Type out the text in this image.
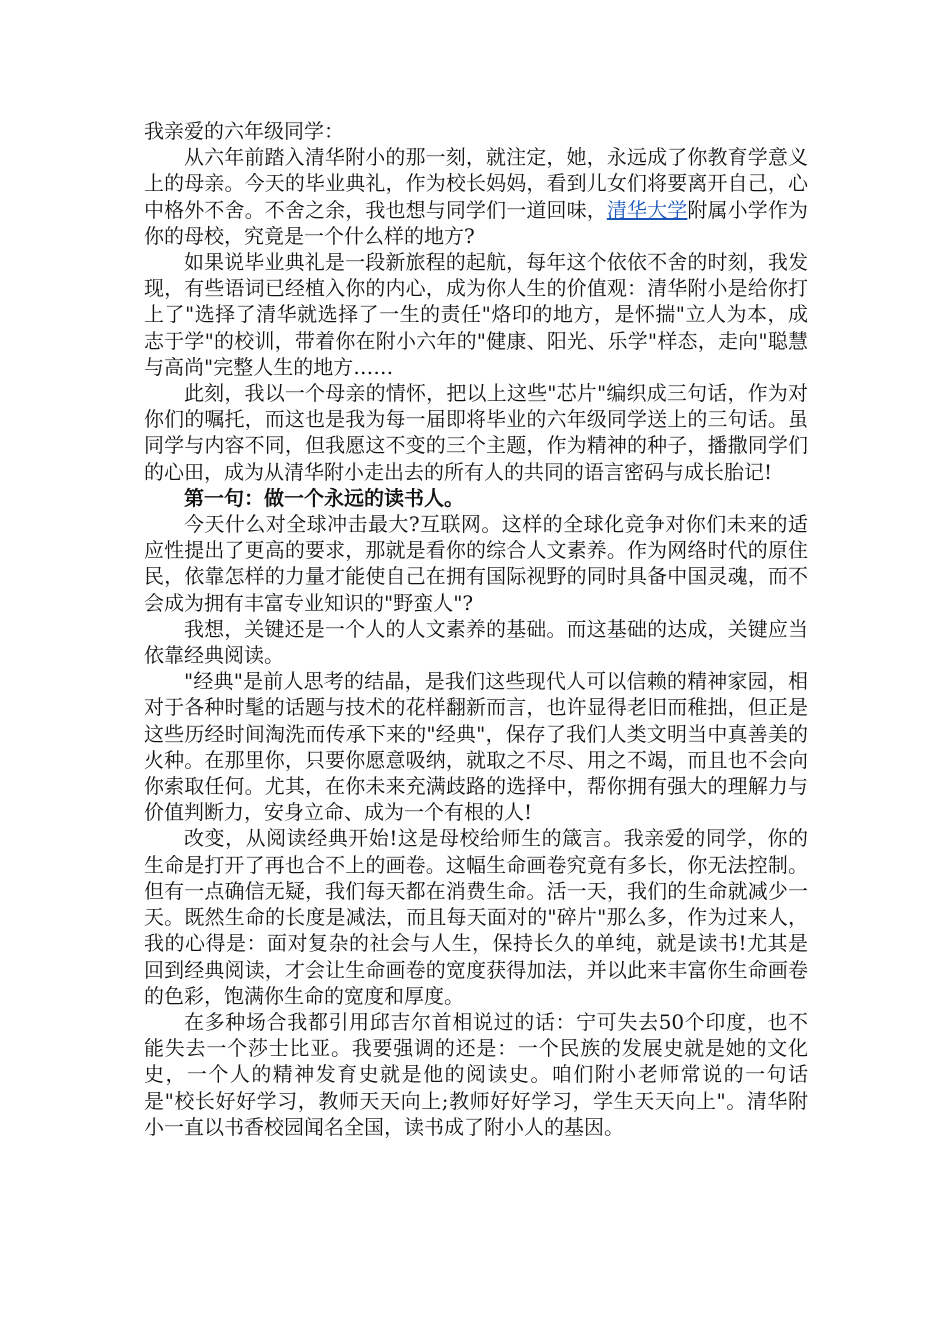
我亲爱的六年级同学：

从六年前踏入清华附小的那一刻，就注定，她，永远成了你教育学意义上的母亲。今天的毕业典礼，作为校长妈妈，看到儿女们将要离开自己，心中格外不舍。不舍之余，我也想与同学们一道回味，清华大学附属小学作为你的母校，究竟是一个什么样的地方?

如果说毕业典礼是一段新旅程的起航，每年这个依依不舍的时刻，我发现，有些语词已经植入你的内心，成为你人生的价值观：清华附小是给你打上了"选择了清华就选择了一生的责任"烙印的地方，是怀揣"立人为本，成志于学"的校训，带着你在附小六年的"健康、阳光、乐学"样态，走向"聪慧与高尚"完整人生的地方……

此刻，我以一个母亲的情怀，把以上这些"芯片"编织成三句话，作为对你们的嘱托，而这也是我为每一届即将毕业的六年级同学送上的三句话。虽同学与内容不同，但我愿这不变的三个主题，作为精神的种子，播撒同学们的心田，成为从清华附小走出去的所有人的共同的语言密码与成长胎记!

第一句：做一个永远的读书人。

今天什么对全球冲击最大?互联网。这样的全球化竞争对你们未来的适应性提出了更高的要求，那就是看你的综合人文素养。作为网络时代的原住民，依靠怎样的力量才能使自己在拥有国际视野的同时具备中国灵魂，而不会成为拥有丰富专业知识的"野蛮人"?

我想，关键还是一个人的人文素养的基础。而这基础的达成，关键应当依靠经典阅读。

"经典"是前人思考的结晶，是我们这些现代人可以信赖的精神家园，相对于各种时髦的话题与技术的花样翻新而言，也许显得老旧而稚拙，但正是这些历经时间淘洗而传承下来的"经典"，保存了我们人类文明当中真善美的火种。在那里你，只要你愿意吸纳，就取之不尽、用之不竭，而且也不会向你索取任何。尤其，在你未来充满歧路的选择中，帮你拥有强大的理解力与价值判断力，安身立命、成为一个有根的人!

改变，从阅读经典开始!这是母校给师生的箴言。我亲爱的同学，你的生命是打开了再也合不上的画卷。这幅生命画卷究竟有多长，你无法控制。但有一点确信无疑，我们每天都在消费生命。活一天，我们的生命就减少一天。既然生命的长度是减法，而且每天面对的"碎片"那么多，作为过来人，我的心得是：面对复杂的社会与人生，保持长久的单纯，就是读书!尤其是回到经典阅读，才会让生命画卷的宽度获得加法，并以此来丰富你生命画卷的色彩，饱满你生命的宽度和厚度。

在多种场合我都引用邱吉尔首相说过的话：宁可失去50个印度，也不能失去一个莎士比亚。我要强调的还是：一个民族的发展史就是她的文化史，一个人的精神发育史就是他的阅读史。咱们附小老师常说的一句话是"校长好好学习，教师天天向上;教师好好学习，学生天天向上"。清华附小一直以书香校园闻名全国，读书成了附小人的基因。
